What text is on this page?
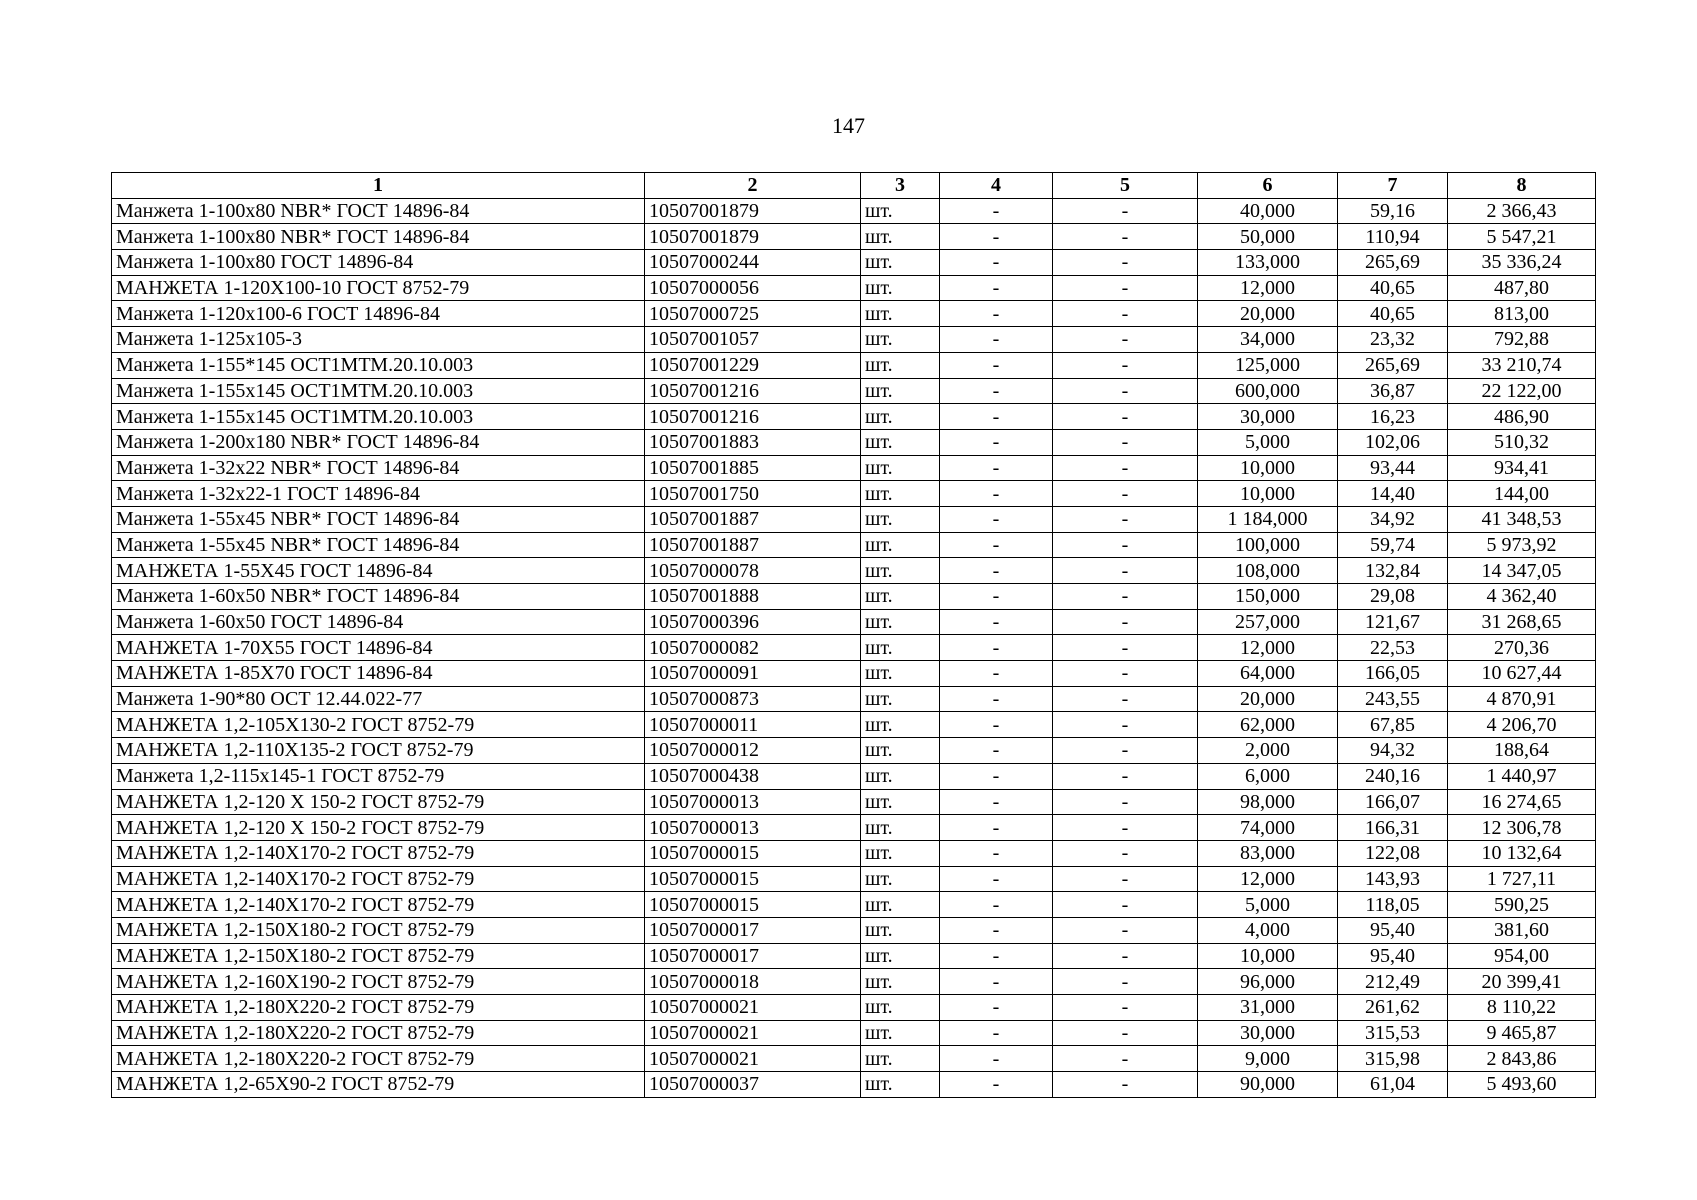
147
1	2	3	4	5	6	7	8
Манжета 1-100х80 NBR* ГОСТ 14896-84	10507001879	шт.	-	-	40,000	59,16	2 366,43
Манжета 1-100х80 NBR* ГОСТ 14896-84	10507001879	шт.	-	-	50,000	110,94	5 547,21
Манжета 1-100х80 ГОСТ 14896-84	10507000244	шт.	-	-	133,000	265,69	35 336,24
МАНЖЕТА 1-120Х100-10 ГОСТ 8752-79	10507000056	шт.	-	-	12,000	40,65	487,80
Манжета 1-120х100-6 ГОСТ 14896-84	10507000725	шт.	-	-	20,000	40,65	813,00
Манжета 1-125х105-3	10507001057	шт.	-	-	34,000	23,32	792,88
Манжета 1-155*145 ОСТ1МТМ.20.10.003	10507001229	шт.	-	-	125,000	265,69	33 210,74
Манжета 1-155х145 ОСТ1МТМ.20.10.003	10507001216	шт.	-	-	600,000	36,87	22 122,00
Манжета 1-155х145 ОСТ1МТМ.20.10.003	10507001216	шт.	-	-	30,000	16,23	486,90
Манжета 1-200х180 NBR* ГОСТ 14896-84	10507001883	шт.	-	-	5,000	102,06	510,32
Манжета 1-32х22 NBR* ГОСТ 14896-84	10507001885	шт.	-	-	10,000	93,44	934,41
Манжета 1-32х22-1 ГОСТ 14896-84	10507001750	шт.	-	-	10,000	14,40	144,00
Манжета 1-55х45 NBR* ГОСТ 14896-84	10507001887	шт.	-	-	1 184,000	34,92	41 348,53
Манжета 1-55х45 NBR* ГОСТ 14896-84	10507001887	шт.	-	-	100,000	59,74	5 973,92
МАНЖЕТА 1-55Х45 ГОСТ 14896-84	10507000078	шт.	-	-	108,000	132,84	14 347,05
Манжета 1-60х50 NBR* ГОСТ 14896-84	10507001888	шт.	-	-	150,000	29,08	4 362,40
Манжета 1-60х50 ГОСТ 14896-84	10507000396	шт.	-	-	257,000	121,67	31 268,65
МАНЖЕТА 1-70Х55 ГОСТ 14896-84	10507000082	шт.	-	-	12,000	22,53	270,36
МАНЖЕТА 1-85Х70 ГОСТ 14896-84	10507000091	шт.	-	-	64,000	166,05	10 627,44
Манжета 1-90*80 ОСТ 12.44.022-77	10507000873	шт.	-	-	20,000	243,55	4 870,91
МАНЖЕТА 1,2-105Х130-2 ГОСТ 8752-79	10507000011	шт.	-	-	62,000	67,85	4 206,70
МАНЖЕТА 1,2-110Х135-2 ГОСТ 8752-79	10507000012	шт.	-	-	2,000	94,32	188,64
Манжета 1,2-115х145-1 ГОСТ 8752-79	10507000438	шт.	-	-	6,000	240,16	1 440,97
МАНЖЕТА 1,2-120 Х 150-2 ГОСТ 8752-79	10507000013	шт.	-	-	98,000	166,07	16 274,65
МАНЖЕТА 1,2-120 Х 150-2 ГОСТ 8752-79	10507000013	шт.	-	-	74,000	166,31	12 306,78
МАНЖЕТА 1,2-140Х170-2 ГОСТ 8752-79	10507000015	шт.	-	-	83,000	122,08	10 132,64
МАНЖЕТА 1,2-140Х170-2 ГОСТ 8752-79	10507000015	шт.	-	-	12,000	143,93	1 727,11
МАНЖЕТА 1,2-140Х170-2 ГОСТ 8752-79	10507000015	шт.	-	-	5,000	118,05	590,25
МАНЖЕТА 1,2-150Х180-2 ГОСТ 8752-79	10507000017	шт.	-	-	4,000	95,40	381,60
МАНЖЕТА 1,2-150Х180-2 ГОСТ 8752-79	10507000017	шт.	-	-	10,000	95,40	954,00
МАНЖЕТА 1,2-160Х190-2 ГОСТ 8752-79	10507000018	шт.	-	-	96,000	212,49	20 399,41
МАНЖЕТА 1,2-180Х220-2 ГОСТ 8752-79	10507000021	шт.	-	-	31,000	261,62	8 110,22
МАНЖЕТА 1,2-180Х220-2 ГОСТ 8752-79	10507000021	шт.	-	-	30,000	315,53	9 465,87
МАНЖЕТА 1,2-180Х220-2 ГОСТ 8752-79	10507000021	шт.	-	-	9,000	315,98	2 843,86
МАНЖЕТА 1,2-65Х90-2 ГОСТ 8752-79	10507000037	шт.	-	-	90,000	61,04	5 493,60
